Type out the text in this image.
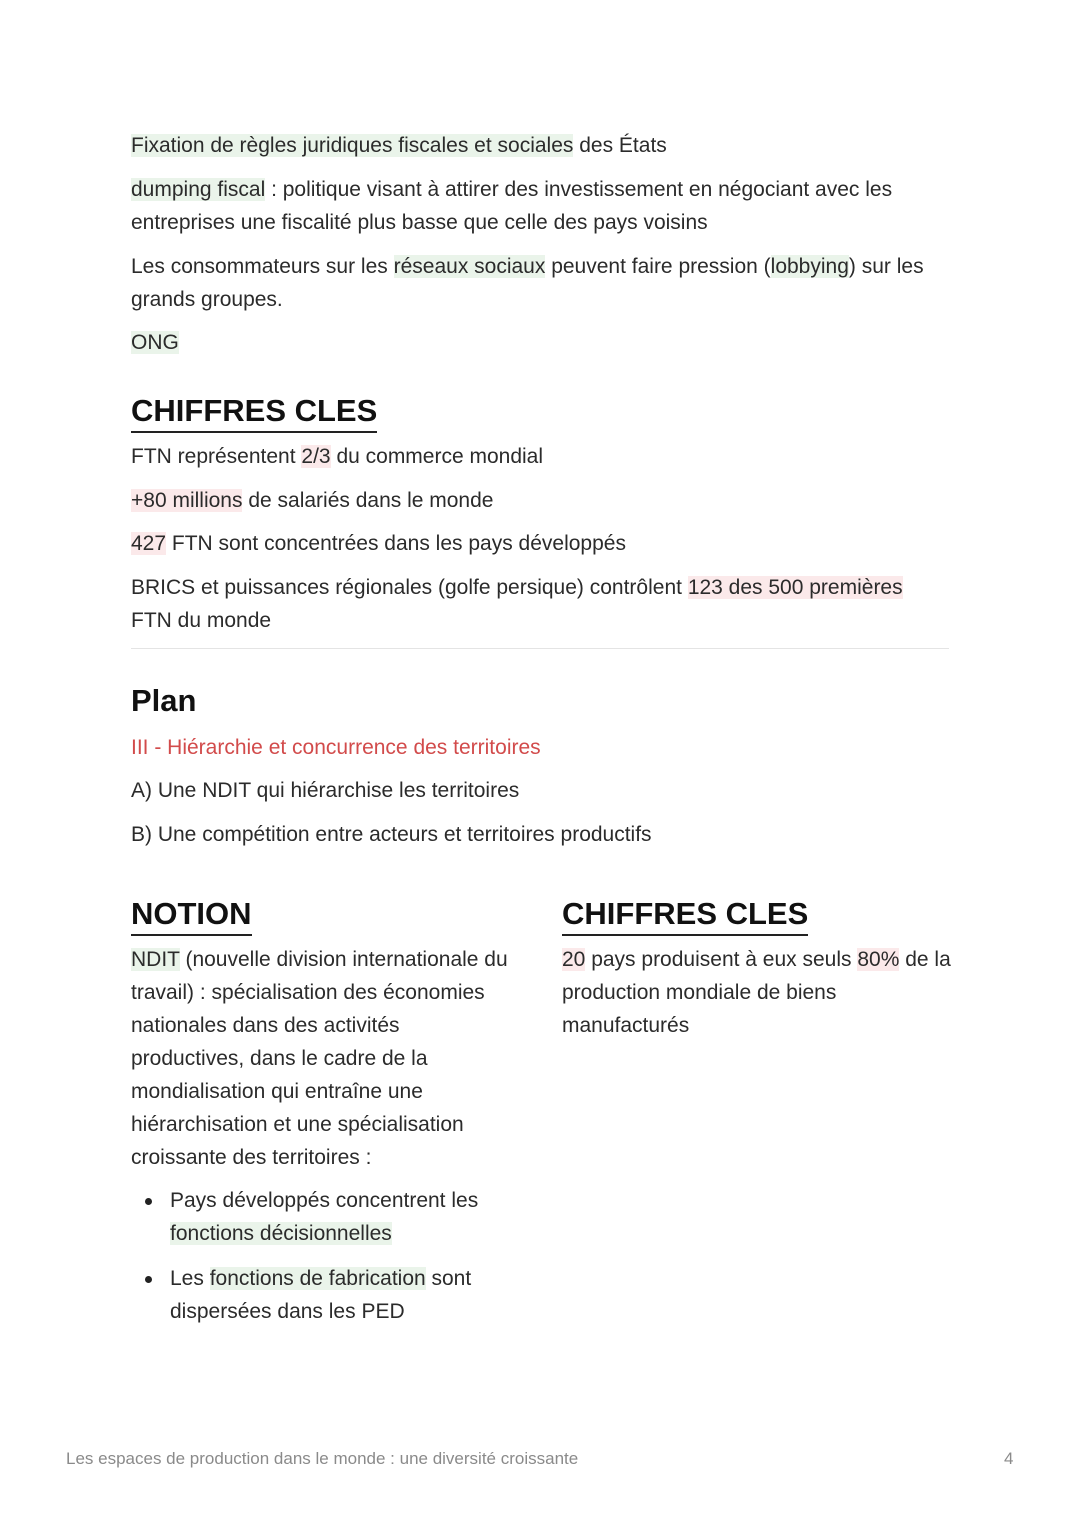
Fixation de règles juridiques fiscales et sociales des États

dumping fiscal : politique visant à attirer des investissement en négociant avec les entreprises une fiscalité plus basse que celle des pays voisins

Les consommateurs sur les réseaux sociaux peuvent faire pression (lobbying) sur les grands groupes.

ONG

CHIFFRES CLES

FTN représentent 2/3 du commerce mondial

+80 millions de salariés dans le monde

427 FTN sont concentrées dans les pays développés

BRICS et puissances régionales (golfe persique) contrôlent 123 des 500 premières FTN du monde

Plan

III - Hiérarchie et concurrence des territoires

A) Une NDIT qui hiérarchise les territoires

B) Une compétition entre acteurs et territoires productifs

NOTION

NDIT (nouvelle division internationale du travail) : spécialisation des économies nationales dans des activités productives, dans le cadre de la mondialisation qui entraîne une hiérarchisation et une spécialisation croissante des territoires :

Pays développés concentrent les fonctions décisionnelles
Les fonctions de fabrication sont dispersées dans les PED
CHIFFRES CLES

20 pays produisent à eux seuls 80% de la production mondiale de biens manufacturés

Les espaces de production dans le monde : une diversité croissante	4
